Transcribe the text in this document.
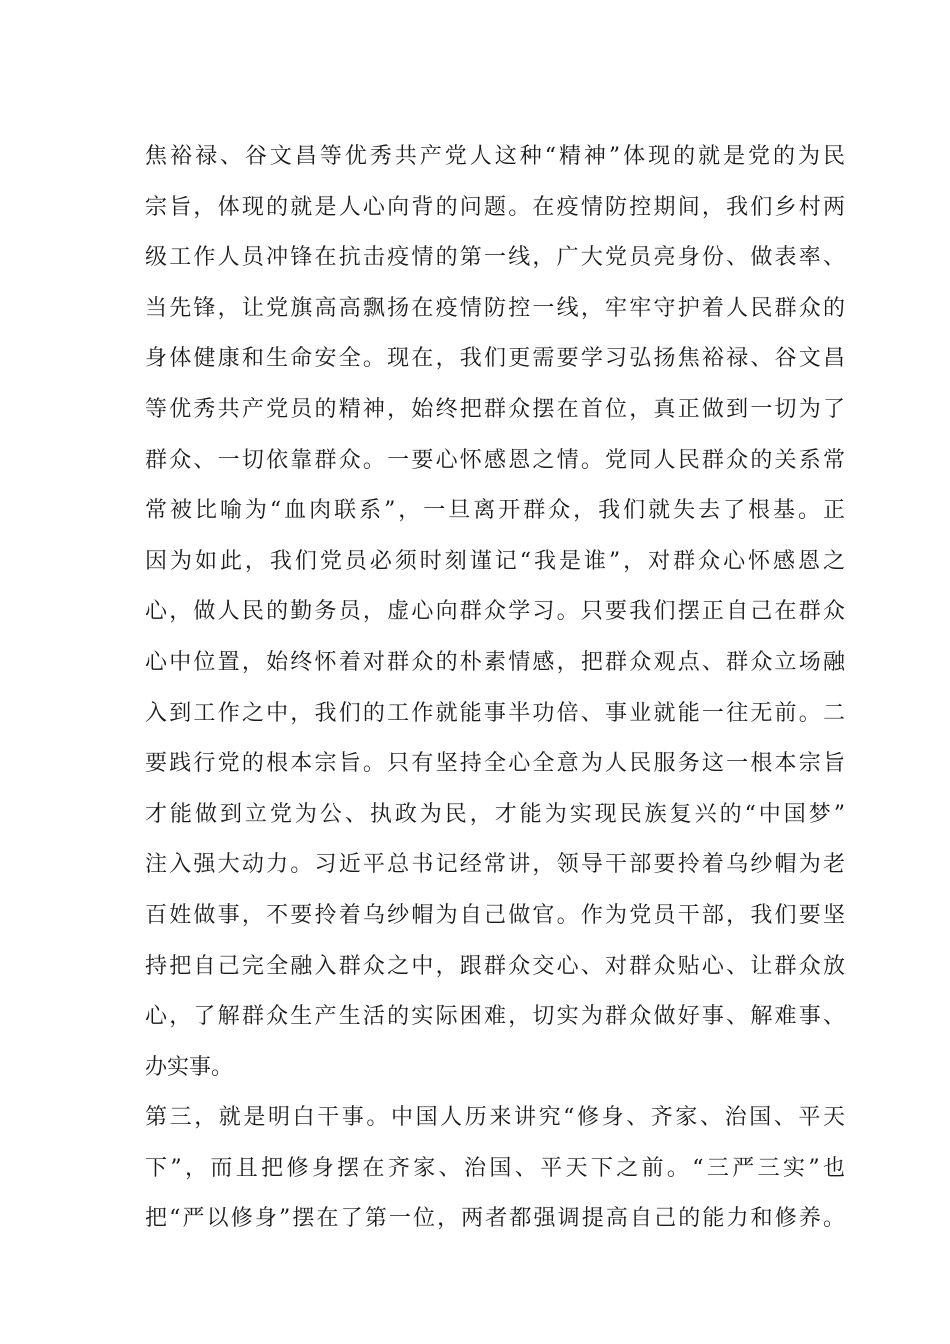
焦裕禄、谷文昌等优秀共产党人这种“精神”体现的就是党的为民
宗旨，体现的就是人心向背的问题。在疫情防控期间，我们乡村两
级工作人员冲锋在抗击疫情的第一线，广大党员亮身份、做表率、
当先锋，让党旗高高飘扬在疫情防控一线，牢牢守护着人民群众的
身体健康和生命安全。现在，我们更需要学习弘扬焦裕禄、谷文昌
等优秀共产党员的精神，始终把群众摆在首位，真正做到一切为了
群众、一切依靠群众。一要心怀感恩之情。党同人民群众的关系常
常被比喻为“血肉联系”，一旦离开群众，我们就失去了根基。正
因为如此，我们党员必须时刻谨记“我是谁”，对群众心怀感恩之
心，做人民的勤务员，虚心向群众学习。只要我们摆正自己在群众
心中位置，始终怀着对群众的朴素情感，把群众观点、群众立场融
入到工作之中，我们的工作就能事半功倍、事业就能一往无前。二
要践行党的根本宗旨。只有坚持全心全意为人民服务这一根本宗旨
才能做到立党为公、执政为民，才能为实现民族复兴的“中国梦”
注入强大动力。习近平总书记经常讲，领导干部要拎着乌纱帽为老
百姓做事，不要拎着乌纱帽为自己做官。作为党员干部，我们要坚
持把自己完全融入群众之中，跟群众交心、对群众贴心、让群众放
心，了解群众生产生活的实际困难，切实为群众做好事、解难事、
办实事。
第三，就是明白干事。中国人历来讲究“修身、齐家、治国、平天
下”，而且把修身摆在齐家、治国、平天下之前。“三严三实”也
把“严以修身”摆在了第一位，两者都强调提高自己的能力和修养。
